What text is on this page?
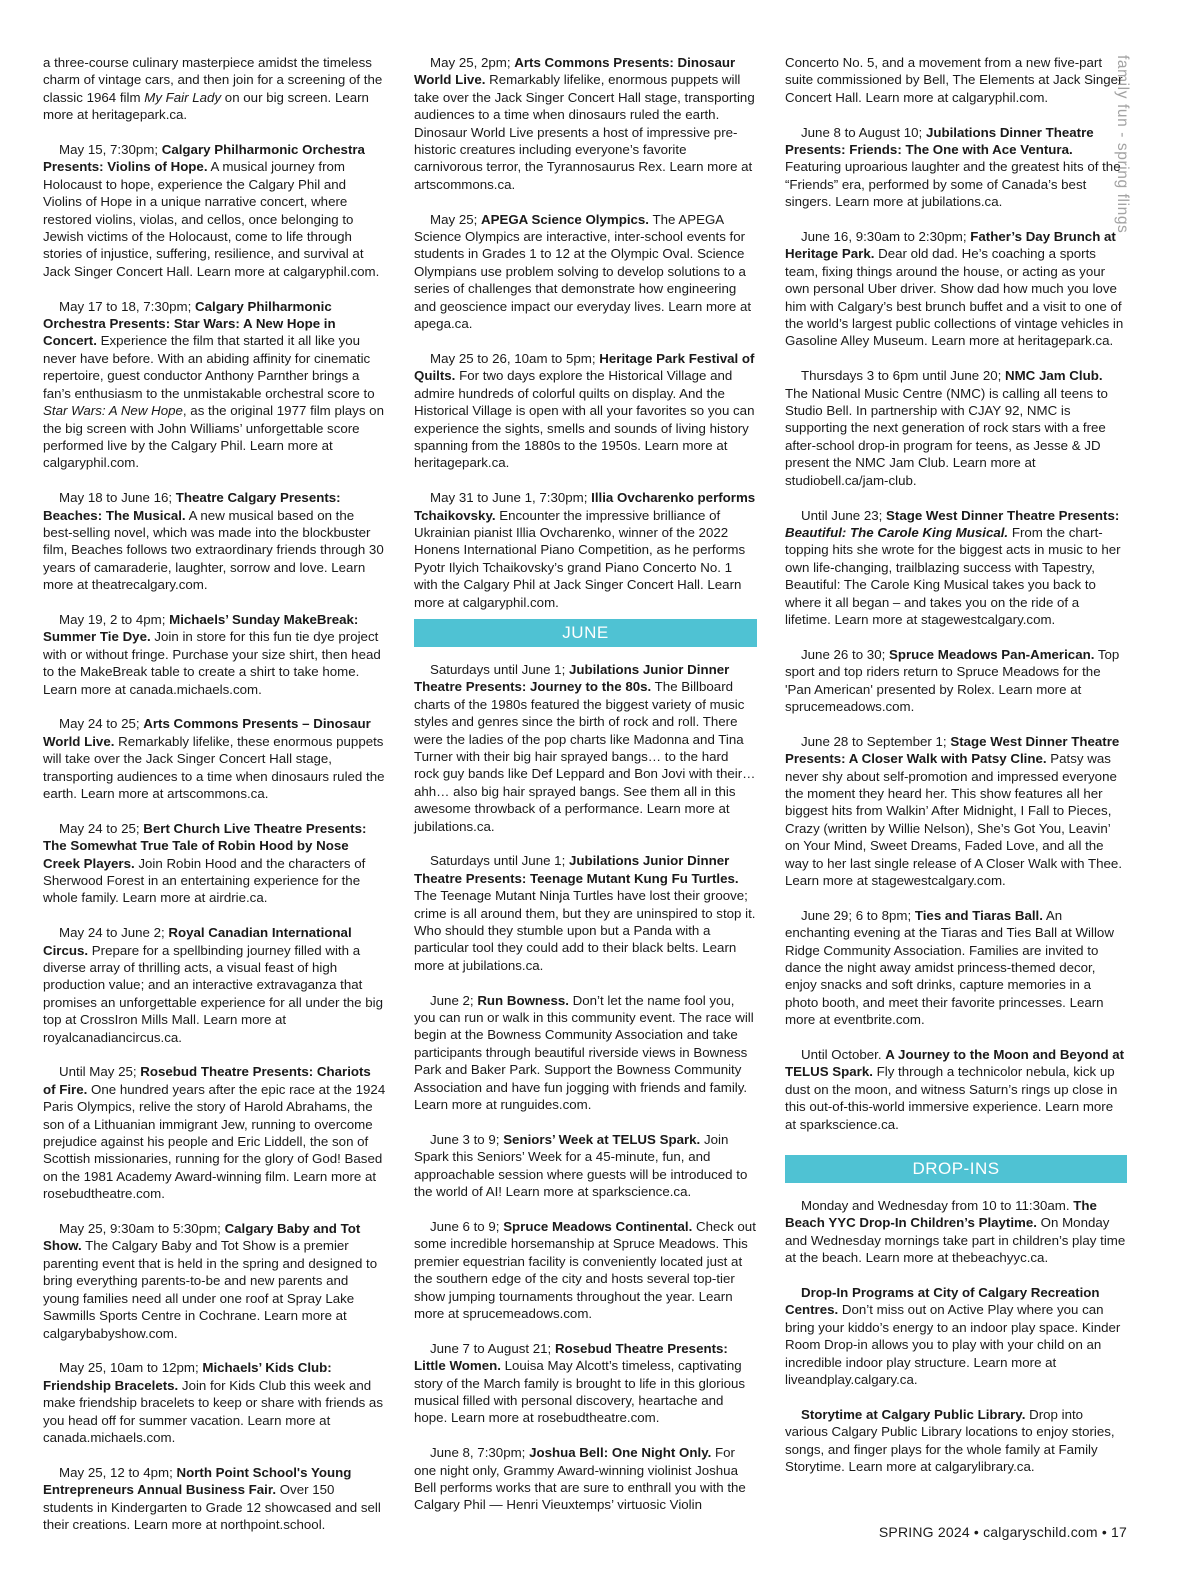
family fun - spring flings

a three-course culinary masterpiece amidst the timeless charm of vintage cars, and then join for a screening of the classic 1964 film My Fair Lady on our big screen. Learn more at heritagepark.ca.

May 15, 7:30pm; Calgary Philharmonic Orchestra Presents: Violins of Hope. A musical journey from Holocaust to hope, experience the Calgary Phil and Violins of Hope in a unique narrative concert, where restored violins, violas, and cellos, once belonging to Jewish victims of the Holocaust, come to life through stories of injustice, suffering, resilience, and survival at Jack Singer Concert Hall. Learn more at calgaryphil.com.

May 17 to 18, 7:30pm; Calgary Philharmonic Orchestra Presents: Star Wars: A New Hope in Concert. Experience the film that started it all like you never have before. With an abiding affinity for cinematic repertoire, guest conductor Anthony Parnther brings a fan’s enthusiasm to the unmistakable orchestral score to Star Wars: A New Hope, as the original 1977 film plays on the big screen with John Williams’ unforgettable score performed live by the Calgary Phil. Learn more at calgaryphil.com.

May 18 to June 16; Theatre Calgary Presents: Beaches: The Musical. A new musical based on the best-selling novel, which was made into the blockbuster film, Beaches follows two extraordinary friends through 30 years of camaraderie, laughter, sorrow and love. Learn more at theatrecalgary.com.

May 19, 2 to 4pm; Michaels’ Sunday MakeBreak: Summer Tie Dye. Join in store for this fun tie dye project with or without fringe. Purchase your size shirt, then head to the MakeBreak table to create a shirt to take home. Learn more at canada.michaels.com.

May 24 to 25; Arts Commons Presents – Dinosaur World Live. Remarkably lifelike, these enormous puppets will take over the Jack Singer Concert Hall stage, transporting audiences to a time when dinosaurs ruled the earth. Learn more at artscommons.ca.

May 24 to 25; Bert Church Live Theatre Presents: The Somewhat True Tale of Robin Hood by Nose Creek Players. Join Robin Hood and the characters of Sherwood Forest in an entertaining experience for the whole family. Learn more at airdrie.ca.

May 24 to June 2; Royal Canadian International Circus. Prepare for a spellbinding journey filled with a diverse array of thrilling acts, a visual feast of high production value; and an interactive extravaganza that promises an unforgettable experience for all under the big top at CrossIron Mills Mall. Learn more at royalcanadiancircus.ca.

Until May 25; Rosebud Theatre Presents: Chariots of Fire. One hundred years after the epic race at the 1924 Paris Olympics, relive the story of Harold Abrahams, the son of a Lithuanian immigrant Jew, running to overcome prejudice against his people and Eric Liddell, the son of Scottish missionaries, running for the glory of God! Based on the 1981 Academy Award-winning film. Learn more at rosebudtheatre.com.

May 25, 9:30am to 5:30pm; Calgary Baby and Tot Show. The Calgary Baby and Tot Show is a premier parenting event that is held in the spring and designed to bring everything parents-to-be and new parents and young families need all under one roof at Spray Lake Sawmills Sports Centre in Cochrane. Learn more at calgarybabyshow.com.

May 25, 10am to 12pm; Michaels’ Kids Club: Friendship Bracelets. Join for Kids Club this week and make friendship bracelets to keep or share with friends as you head off for summer vacation. Learn more at canada.michaels.com.

May 25, 12 to 4pm; North Point School's Young Entrepreneurs Annual Business Fair. Over 150 students in Kindergarten to Grade 12 showcased and sell their creations. Learn more at northpoint.school.

May 25, 2pm; Arts Commons Presents: Dinosaur World Live. Remarkably lifelike, enormous puppets will take over the Jack Singer Concert Hall stage, transporting audiences to a time when dinosaurs ruled the earth. Dinosaur World Live presents a host of impressive pre-historic creatures including everyone’s favorite carnivorous terror, the Tyrannosaurus Rex. Learn more at artscommons.ca.

May 25; APEGA Science Olympics. The APEGA Science Olympics are interactive, inter-school events for students in Grades 1 to 12 at the Olympic Oval. Science Olympians use problem solving to develop solutions to a series of challenges that demonstrate how engineering and geoscience impact our everyday lives. Learn more at apega.ca.

May 25 to 26, 10am to 5pm; Heritage Park Festival of Quilts. For two days explore the Historical Village and admire hundreds of colorful quilts on display. And the Historical Village is open with all your favorites so you can experience the sights, smells and sounds of living history spanning from the 1880s to the 1950s. Learn more at heritagepark.ca.

May 31 to June 1, 7:30pm; Illia Ovcharenko performs Tchaikovsky. Encounter the impressive brilliance of Ukrainian pianist Illia Ovcharenko, winner of the 2022 Honens International Piano Competition, as he performs Pyotr Ilyich Tchaikovsky’s grand Piano Concerto No. 1 with the Calgary Phil at Jack Singer Concert Hall. Learn more at calgaryphil.com.

JUNE

Saturdays until June 1; Jubilations Junior Dinner Theatre Presents: Journey to the 80s. The Billboard charts of the 1980s featured the biggest variety of music styles and genres since the birth of rock and roll. There were the ladies of the pop charts like Madonna and Tina Turner with their big hair sprayed bangs… to the hard rock guy bands like Def Leppard and Bon Jovi with their… ahh… also big hair sprayed bangs. See them all in this awesome throwback of a performance. Learn more at jubilations.ca.

Saturdays until June 1; Jubilations Junior Dinner Theatre Presents: Teenage Mutant Kung Fu Turtles. The Teenage Mutant Ninja Turtles have lost their groove; crime is all around them, but they are uninspired to stop it. Who should they stumble upon but a Panda with a particular tool they could add to their black belts. Learn more at jubilations.ca.

June 2; Run Bowness. Don’t let the name fool you, you can run or walk in this community event. The race will begin at the Bowness Community Association and take participants through beautiful riverside views in Bowness Park and Baker Park. Support the Bowness Community Association and have fun jogging with friends and family. Learn more at runguides.com.

June 3 to 9; Seniors’ Week at TELUS Spark. Join Spark this Seniors’ Week for a 45-minute, fun, and approachable session where guests will be introduced to the world of AI! Learn more at sparkscience.ca.

June 6 to 9; Spruce Meadows Continental. Check out some incredible horsemanship at Spruce Meadows. This premier equestrian facility is conveniently located just at the southern edge of the city and hosts several top-tier show jumping tournaments throughout the year. Learn more at sprucemeadows.com.

June 7 to August 21; Rosebud Theatre Presents: Little Women. Louisa May Alcott’s timeless, captivating story of the March family is brought to life in this glorious musical filled with personal discovery, heartache and hope. Learn more at rosebudtheatre.com.

June 8, 7:30pm; Joshua Bell: One Night Only. For one night only, Grammy Award-winning violinist Joshua Bell performs works that are sure to enthrall you with the Calgary Phil — Henri Vieuxtemps’ virtuosic Violin

Concerto No. 5, and a movement from a new five-part suite commissioned by Bell, The Elements at Jack Singer Concert Hall. Learn more at calgaryphil.com.

June 8 to August 10; Jubilations Dinner Theatre Presents: Friends: The One with Ace Ventura. Featuring uproarious laughter and the greatest hits of the “Friends” era, performed by some of Canada’s best singers. Learn more at jubilations.ca.

June 16, 9:30am to 2:30pm; Father’s Day Brunch at Heritage Park. Dear old dad. He’s coaching a sports team, fixing things around the house, or acting as your own personal Uber driver. Show dad how much you love him with Calgary’s best brunch buffet and a visit to one of the world’s largest public collections of vintage vehicles in Gasoline Alley Museum. Learn more at heritagepark.ca.

Thursdays 3 to 6pm until June 20; NMC Jam Club. The National Music Centre (NMC) is calling all teens to Studio Bell. In partnership with CJAY 92, NMC is supporting the next generation of rock stars with a free after-school drop-in program for teens, as Jesse & JD present the NMC Jam Club. Learn more at studiobell.ca/jam-club.

Until June 23; Stage West Dinner Theatre Presents: Beautiful: The Carole King Musical. From the chart-topping hits she wrote for the biggest acts in music to her own life-changing, trailblazing success with Tapestry, Beautiful: The Carole King Musical takes you back to where it all began – and takes you on the ride of a lifetime. Learn more at stagewestcalgary.com.

June 26 to 30; Spruce Meadows Pan-American. Top sport and top riders return to Spruce Meadows for the 'Pan American' presented by Rolex. Learn more at sprucemeadows.com.

June 28 to September 1; Stage West Dinner Theatre Presents: A Closer Walk with Patsy Cline. Patsy was never shy about self-promotion and impressed everyone the moment they heard her. This show features all her biggest hits from Walkin’ After Midnight, I Fall to Pieces, Crazy (written by Willie Nelson), She’s Got You, Leavin’ on Your Mind, Sweet Dreams, Faded Love, and all the way to her last single release of A Closer Walk with Thee. Learn more at stagewestcalgary.com.

June 29; 6 to 8pm; Ties and Tiaras Ball. An enchanting evening at the Tiaras and Ties Ball at Willow Ridge Community Association. Families are invited to dance the night away amidst princess-themed decor, enjoy snacks and soft drinks, capture memories in a photo booth, and meet their favorite princesses. Learn more at eventbrite.com.

Until October. A Journey to the Moon and Beyond at TELUS Spark. Fly through a technicolor nebula, kick up dust on the moon, and witness Saturn’s rings up close in this out-of-this-world immersive experience. Learn more at sparkscience.ca.

DROP-INS

Monday and Wednesday from 10 to 11:30am. The Beach YYC Drop-In Children’s Playtime. On Monday and Wednesday mornings take part in children’s play time at the beach. Learn more at thebeachyyc.ca.

Drop-In Programs at City of Calgary Recreation Centres. Don’t miss out on Active Play where you can bring your kiddo’s energy to an indoor play space. Kinder Room Drop-in allows you to play with your child on an incredible indoor play structure. Learn more at liveandplay.calgary.ca.

Storytime at Calgary Public Library. Drop into various Calgary Public Library locations to enjoy stories, songs, and finger plays for the whole family at Family Storytime. Learn more at calgarylibrary.ca.

SPRING 2024 • calgaryschild.com • 17
